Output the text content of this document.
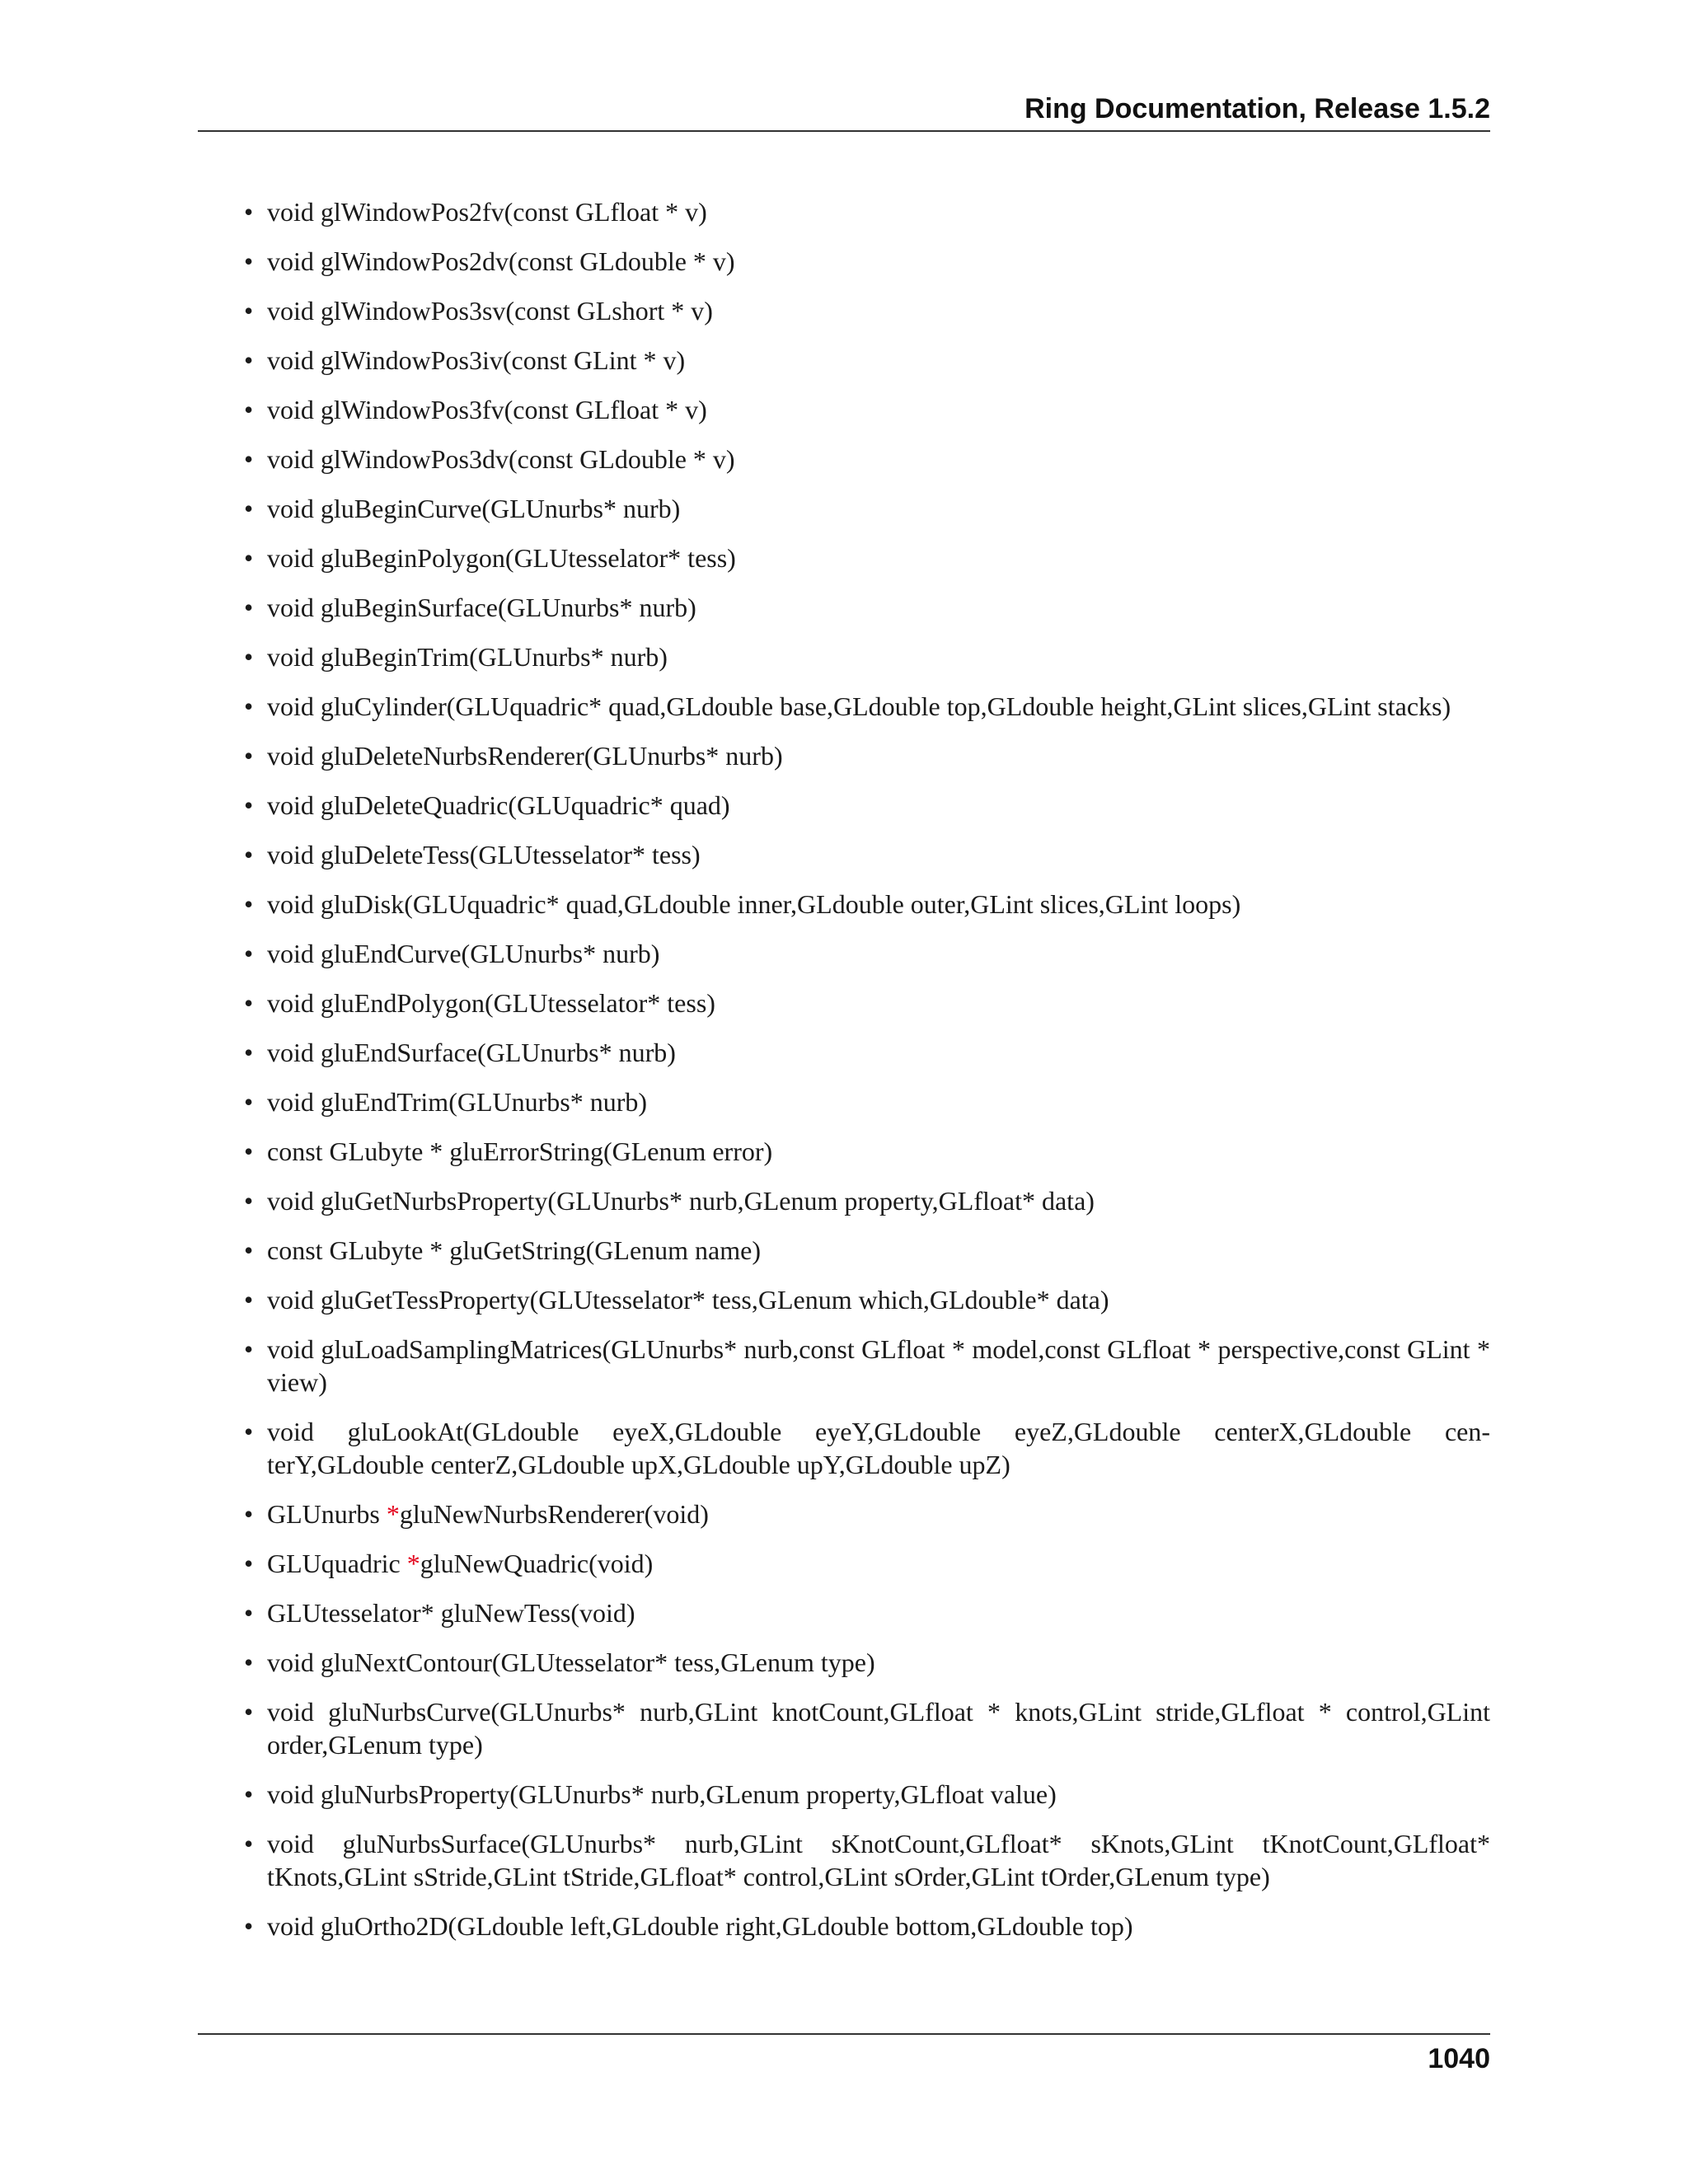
Ring Documentation, Release 1.5.2
• void glWindowPos2fv(const GLfloat * v)
• void glWindowPos2dv(const GLdouble * v)
• void glWindowPos3sv(const GLshort * v)
• void glWindowPos3iv(const GLint * v)
• void glWindowPos3fv(const GLfloat * v)
• void glWindowPos3dv(const GLdouble * v)
• void gluBeginCurve(GLUnurbs* nurb)
• void gluBeginPolygon(GLUtesselator* tess)
• void gluBeginSurface(GLUnurbs* nurb)
• void gluBeginTrim(GLUnurbs* nurb)
• void gluCylinder(GLUquadric* quad,GLdouble base,GLdouble top,GLdouble height,GLint slices,GLint stacks)
• void gluDeleteNurbsRenderer(GLUnurbs* nurb)
• void gluDeleteQuadric(GLUquadric* quad)
• void gluDeleteTess(GLUtesselator* tess)
• void gluDisk(GLUquadric* quad,GLdouble inner,GLdouble outer,GLint slices,GLint loops)
• void gluEndCurve(GLUnurbs* nurb)
• void gluEndPolygon(GLUtesselator* tess)
• void gluEndSurface(GLUnurbs* nurb)
• void gluEndTrim(GLUnurbs* nurb)
• const GLubyte * gluErrorString(GLenum error)
• void gluGetNurbsProperty(GLUnurbs* nurb,GLenum property,GLfloat* data)
• const GLubyte * gluGetString(GLenum name)
• void gluGetTessProperty(GLUtesselator* tess,GLenum which,GLdouble* data)
• void gluLoadSamplingMatrices(GLUnurbs* nurb,const GLfloat * model,const GLfloat * perspective,const GLint * view)
• void gluLookAt(GLdouble eyeX,GLdouble eyeY,GLdouble eyeZ,GLdouble centerX,GLdouble cen- terY,GLdouble centerZ,GLdouble upX,GLdouble upY,GLdouble upZ)
• GLUnurbs *gluNewNurbsRenderer(void)
• GLUquadric *gluNewQuadric(void)
• GLUtesselator* gluNewTess(void)
• void gluNextContour(GLUtesselator* tess,GLenum type)
• void gluNurbsCurve(GLUnurbs* nurb,GLint knotCount,GLfloat * knots,GLint stride,GLfloat * control,GLint order,GLenum type)
• void gluNurbsProperty(GLUnurbs* nurb,GLenum property,GLfloat value)
• void gluNurbsSurface(GLUnurbs* nurb,GLint sKnotCount,GLfloat* sKnots,GLint tKnotCount,GLfloat* tKnots,GLint sStride,GLint tStride,GLfloat* control,GLint sOrder,GLint tOrder,GLenum type)
• void gluOrtho2D(GLdouble left,GLdouble right,GLdouble bottom,GLdouble top)
1040
